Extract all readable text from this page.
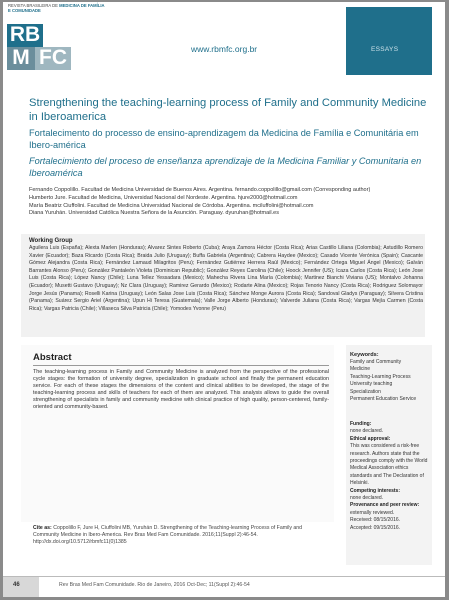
REVISTA BRASILEIRA DE MEDICINA DE FAMÍLIA E COMUNIDADE
RB
M FC	www.rbmfc.org.br	ESSAYS
Strengthening the teaching-learning process of Family and Community Medicine in Iberoamerica

Fortalecimento do processo de ensino-aprendizagem da Medicina de Família e Comunitária em Ibero-américa

Fortalecimiento del proceso de enseñanza aprendizaje de la Medicina Familiar y Comunitaria en Iberoamérica

Fernando Coppolillo. Facultad de Medicina Universidad de Buenos Aires. Argentina. fernando.coppolillo@gmail.com (Corresponding author)
Humberto Jure. Facultad de Medicina, Universidad Nacional del Nordeste. Argentina. hjure2000@hotmail.com
María Beatriz Ciuffolini. Facultad de Medicina Universidad Nacional de Córdoba. Argentina. mciluffolini@hotmail.com
Diana Yuruhán. Universidad Católica Nuestra Señora de la Asunción. Paraguay. dyuruhan@hotmail.es
Working Group
Aguilera Luis (España); Alexta Marlen (Honduras); Alvarez Sintes Roberto (Cuba); Araya Zamora Héctor (Costa Rica); Arias Castillo Liliana (Colombia); Astudillo Romero Xavier (Ecuador); Baza Ricardo (Costa Rica); Braida Julio (Uruguay); Buffa Gabriela (Argentina); Cabrera Haydee (Mexico); Casado Vicente Verónica (Spain); Cascante Gómez Alejandra (Costa Rica); Fernández Lamaud Milagritos (Peru); Fernández Gutiérrez Herrera Raúl (Mexico); Fernández Ortega Miguel Ángel (Mexico); Galván Barrantes Alonso (Peru); González Pantaleón Violeta (Dominican Republic); González Reyes Carolina (Chile); Hoock Jennifer (US); Icaza Carlos (Costa Rica); León Jose Luis (Costa Rica); López Nancy (Chile); Luna Tellez Yessadara (Mexico); Mahecha Rivera Lina María (Colombia); Martinez Bianchi Viviana (US); Montalvo Johanna (Ecuador); Musetti Gustavo (Uruguay); Nz Clara (Uruguay); Ramirez Gerardo (Mexico); Rodarte Alina (Mexico); Rojas Tenorio Nancy (Costa Rica); Rodriguez Solomayor Jorge Jesús (Panama); Roselli Karina (Uruguay); León Salas Jose Luis (Costa Rica); Sánchez Monge Aurora (Costa Rica); Sandoval Gladys (Paraguay); Silvera Cristina (Panama); Suárez Sergio Ariel (Argentina); Upun Hi Teresa (Guatemala); Valle Jorge Alberto (Honduras); Valverde Juliana (Costa Rica); Vargas Mejía Carmen (Costa Rica); Vargas Patricia (Chile); Villaseca Silva Patricia (Chile); Yomodes Yvonne (Peru)
Abstract
The teaching-learning process in Family and Community Medicine is analyzed from the perspective of the professional cycle stages: the formation of university degree, specialization in graduate school and finally the permanent education service. For each of these stages the dimensions of the content and clinical abilities to be developed, the stage of the teaching-learning process and skills of teachers for each of them are analyzed. This analysis allows to guide the overall strengthening of specialists in family and community medicine with clinical practice of high quality, person-centered, family-oriented and community-based.
Cite as: Coppolillo F, Jure H, Ciuffolini MB, Yuruhán D. Strengthening of the Teaching-learning Process of Family and Community Medicine in Ibero-America. Rev Bras Med Fam Comunidade. 2016;11(Suppl 2):46-54. http://dx.doi.org/10.5712/rbmfc11(0)1385
Keywords:
Family and Community
Medicine
Teaching-Learning Process
University teaching
Specialization
Permanent Education Service
Funding:
none declared.
Ethical approval:
This was considered a risk-free research. Authors state that the proceedings comply with the World Medical Association ethics standards and The Declaration of Helsinki.
Competing interests:
none declared.
Provenance and peer review:
externally reviewed.
Received: 08/15/2016.
Accepted: 09/15/2016.
46	Rev Bras Med Fam Comunidade. Rio de Janeiro, 2016 Oct-Dec; 11(Suppl 2):46-54
